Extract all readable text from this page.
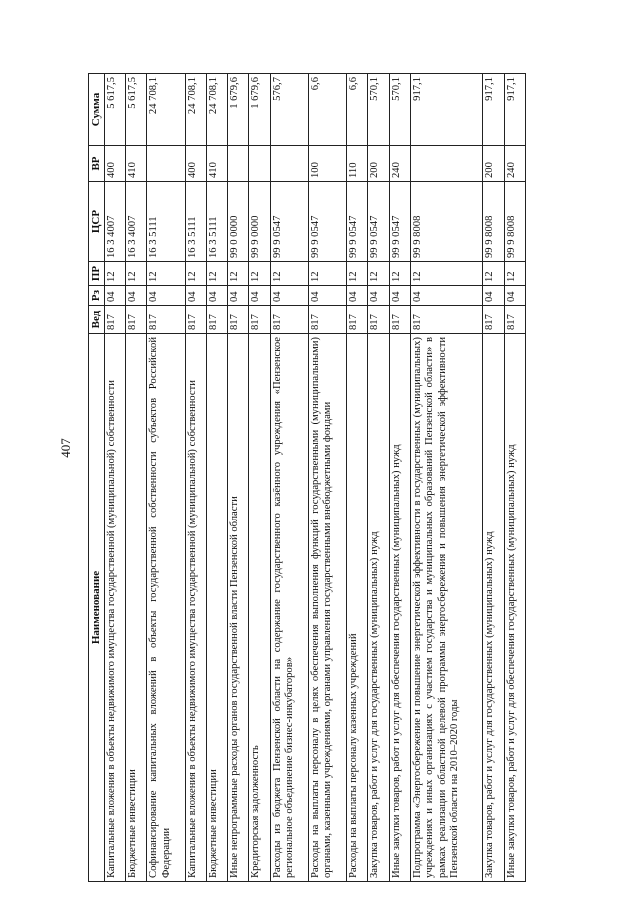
407
Наименование	Вед	Рз	ПР	ЦСР	ВР	Сумма
Капитальные вложения в объекты недвижимого имущества государственной (муниципальной) собственности	817	04	12	16 3 4007	400	5 617,5
Бюджетные инвестиции	817	04	12	16 3 4007	410	5 617,5
Софинансирование капитальных вложений в объекты государственной собственности субъектов Российской Федерации	817	04	12	16 3 5111		24 708,1
Капитальные вложения в объекты недвижимого имущества государственной (муниципальной) собственности	817	04	12	16 3 5111	400	24 708,1
Бюджетные инвестиции	817	04	12	16 3 5111	410	24 708,1
Иные непрограммные расходы органов государственной власти Пензенской области	817	04	12	99 0 0000		1 679,6
Кредиторская задолженность	817	04	12	99 9 0000		1 679,6
Расходы из бюджета Пензенской области на содержание государственного казённого учреждения «Пензенское региональное объединение бизнес-инкубаторов»	817	04	12	99 9 0547		576,7
Расходы на выплаты персоналу в целях обеспечения выполнения функций государственными (муниципальными) органами, казенными учреждениями, органами управления государственными внебюджетными фондами	817	04	12	99 9 0547	100	6,6
Расходы на выплаты персоналу казенных учреждений	817	04	12	99 9 0547	110	6,6
Закупка товаров, работ и услуг для государственных (муниципальных) нужд	817	04	12	99 9 0547	200	570,1
Иные закупки товаров, работ и услуг для обеспечения государственных (муниципальных) нужд	817	04	12	99 9 0547	240	570,1
Подпрограмма «Энергосбережение и повышение энергетической эффективности в государственных (муниципальных) учреждениях и иных организациях с участием государства и муниципальных образований Пензенской области» в рамках реализации областной целевой программы энергосбережения и повышения энергетической эффективности Пензенской области на 2010–2020 годы	817	04	12	99 9 8008		917,1
Закупка товаров, работ и услуг для государственных (муниципальных) нужд	817	04	12	99 9 8008	200	917,1
Иные закупки товаров, работ и услуг для обеспечения государственных (муниципальных) нужд	817	04	12	99 9 8008	240	917,1
